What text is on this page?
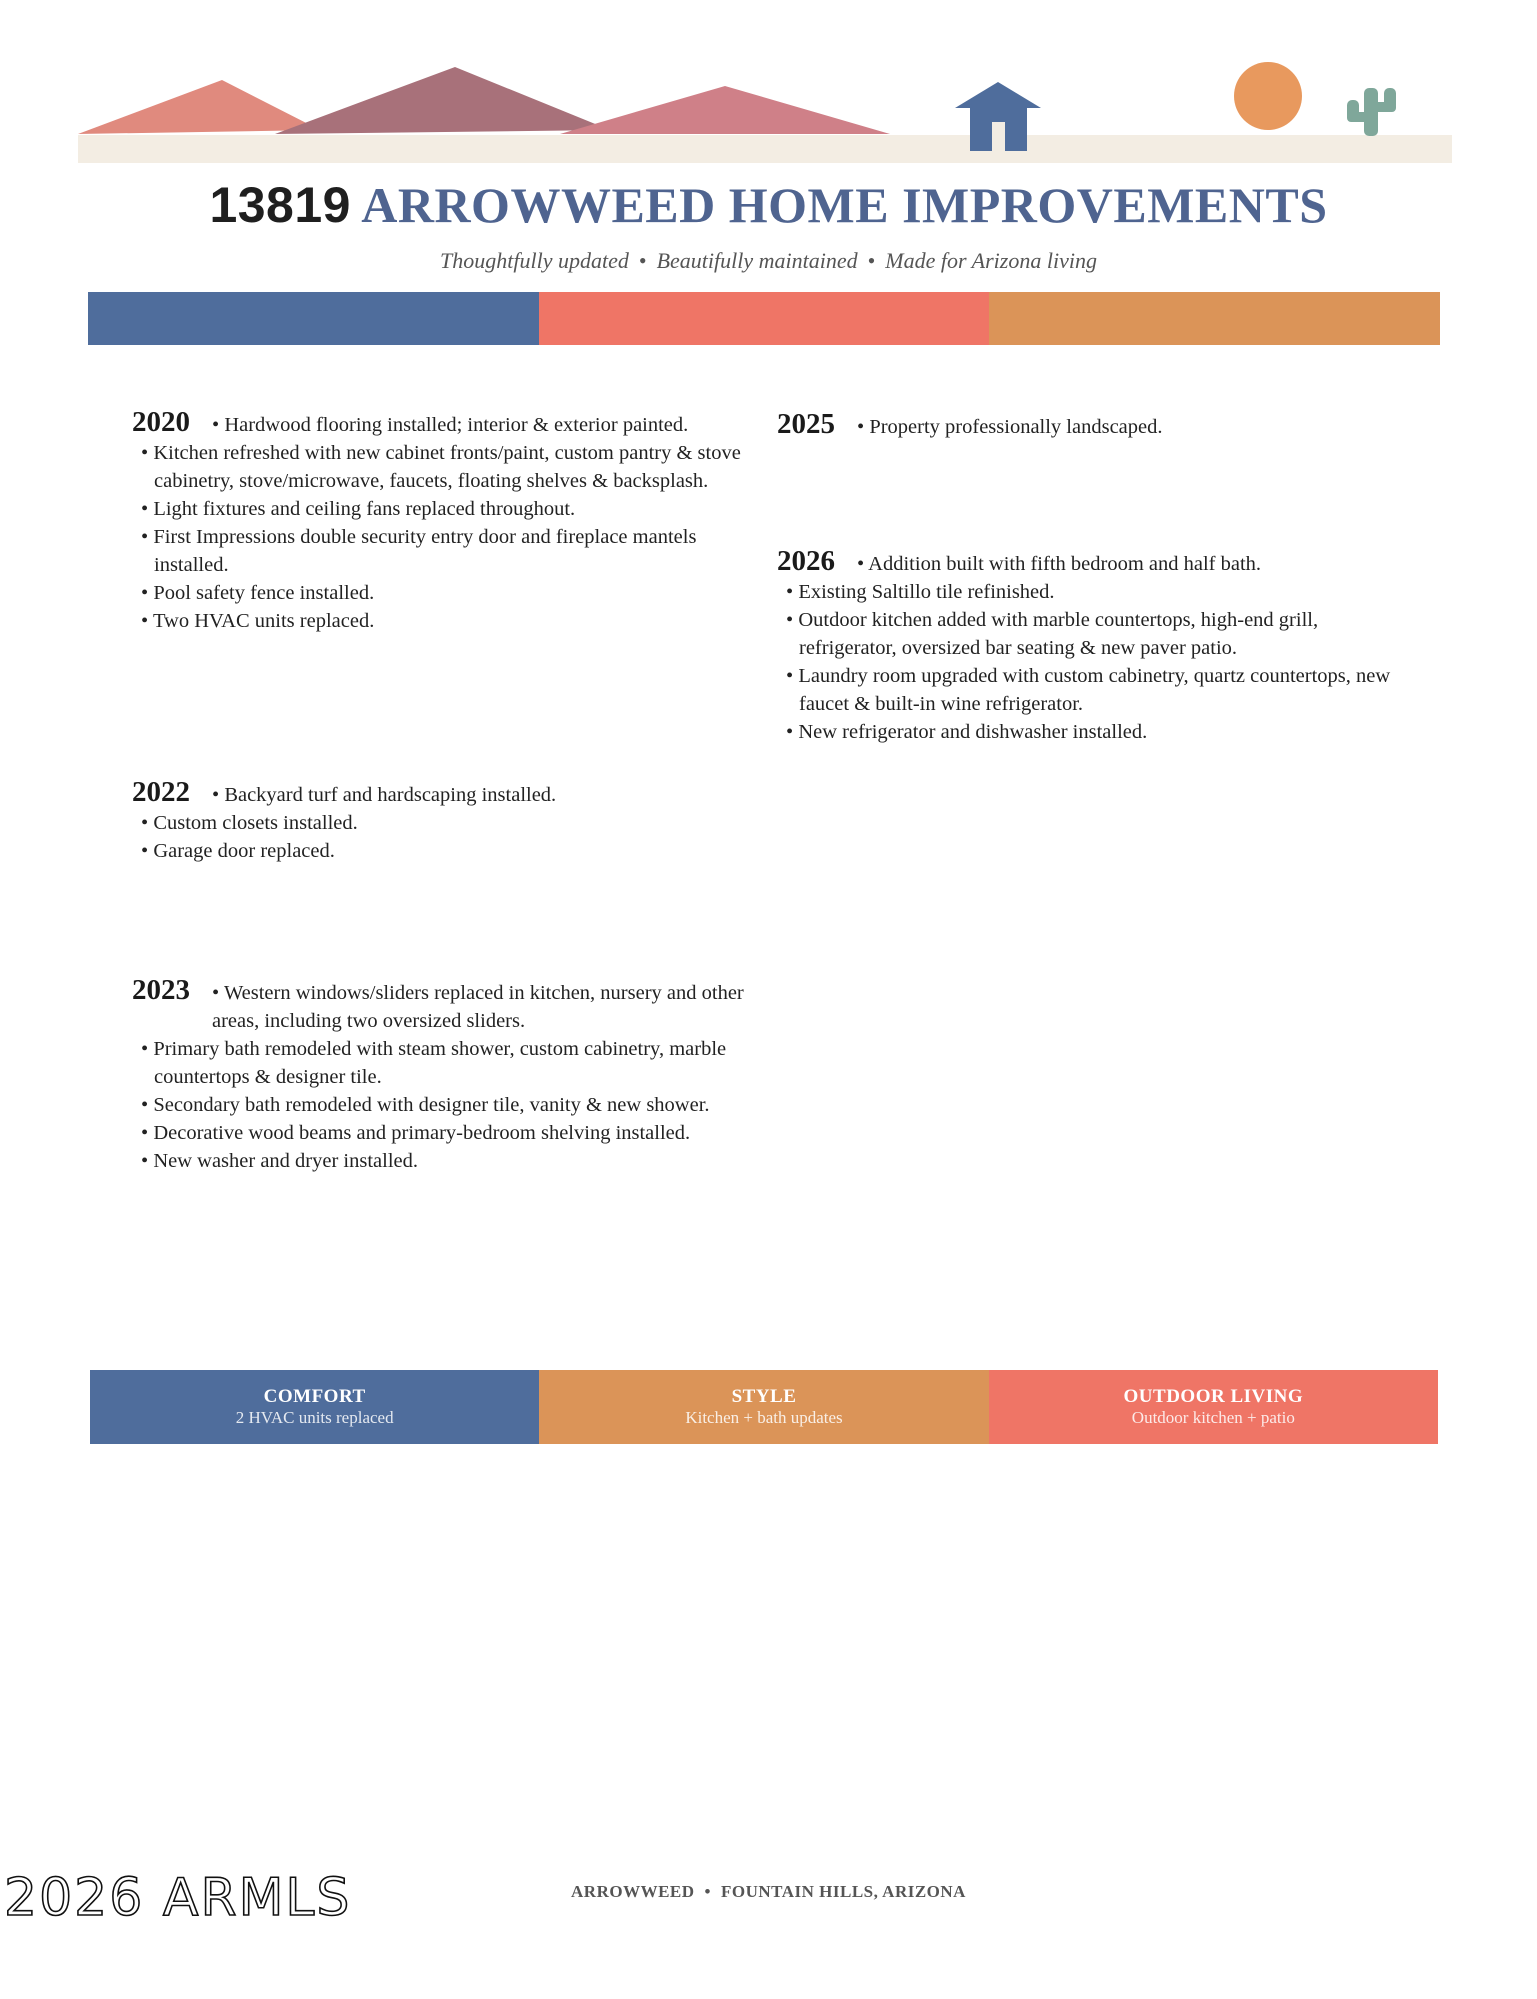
13819 ARROWWEED HOME IMPROVEMENTS
Thoughtfully updated • Beautifully maintained • Made for Arizona living
2020	• Hardwood flooring installed; interior & exterior painted.
• Kitchen refreshed with new cabinet fronts/paint, custom pantry & stove cabinetry, stove/microwave, faucets, floating shelves & backsplash.
• Light fixtures and ceiling fans replaced throughout.
• First Impressions double security entry door and fireplace mantels installed.
• Pool safety fence installed.
• Two HVAC units replaced.
2022	• Backyard turf and hardscaping installed.
• Custom closets installed.
• Garage door replaced.
2023	• Western windows/sliders replaced in kitchen, nursery and other areas, including two oversized sliders.
• Primary bath remodeled with steam shower, custom cabinetry, marble countertops & designer tile.
• Secondary bath remodeled with designer tile, vanity & new shower.
• Decorative wood beams and primary-bedroom shelving installed.
• New washer and dryer installed.
2025	• Property professionally landscaped.
2026	• Addition built with fifth bedroom and half bath.
• Existing Saltillo tile refinished.
• Outdoor kitchen added with marble countertops, high-end grill, refrigerator, oversized bar seating & new paver patio.
• Laundry room upgraded with custom cabinetry, quartz countertops, new faucet & built-in wine refrigerator.
• New refrigerator and dishwasher installed.
COMFORT
2 HVAC units replaced
STYLE
Kitchen + bath updates
OUTDOOR LIVING
Outdoor kitchen + patio
2026 ARMLS	ARROWWEED • FOUNTAIN HILLS, ARIZONA
